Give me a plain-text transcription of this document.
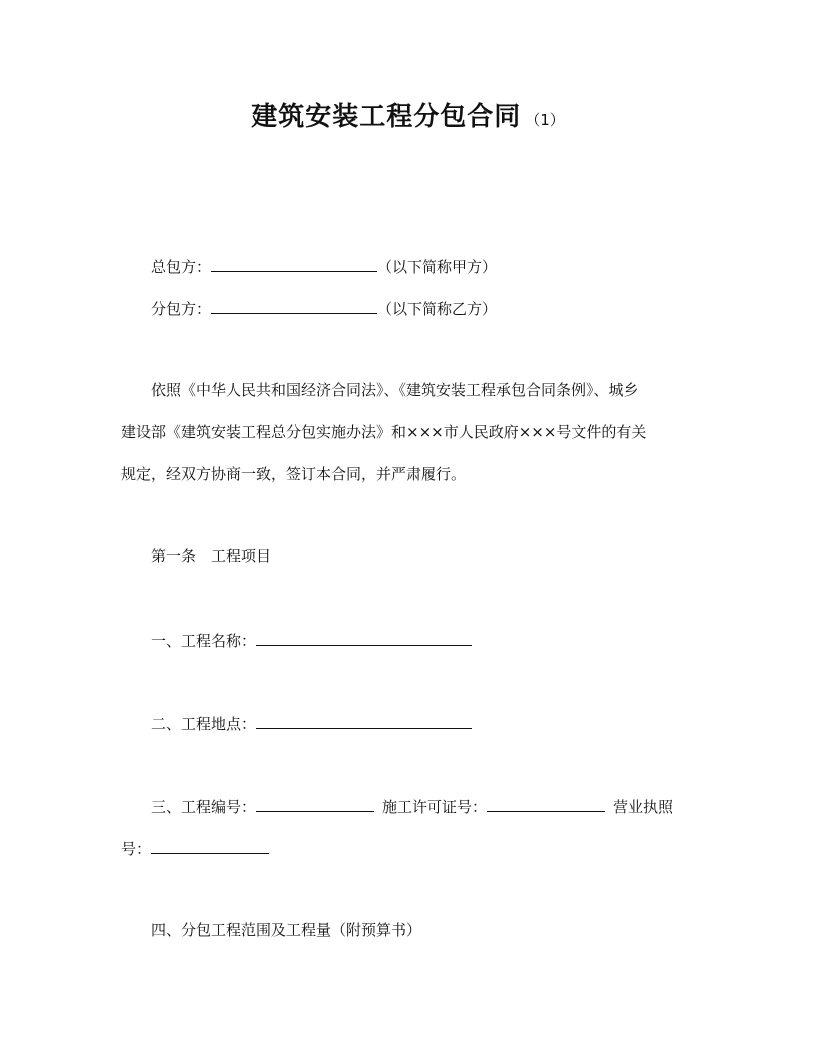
建筑安装工程分包合同 （1）
总包方：	（以下简称甲方）
分包方：	（以下简称乙方）
依照《中华人民共和国经济合同法》、《建筑安装工程承包合同条例》、城乡
建设部《建筑安装工程总分包实施办法》和×××市人民政府×××号文件的有关
规定，经双方协商一致，签订本合同，并严肃履行。
第一条　工程项目
一、工程名称：
二、工程地点：
三、工程编号：	施工许可证号：	营业执照
号：
四、分包工程范围及工程量（附预算书）
